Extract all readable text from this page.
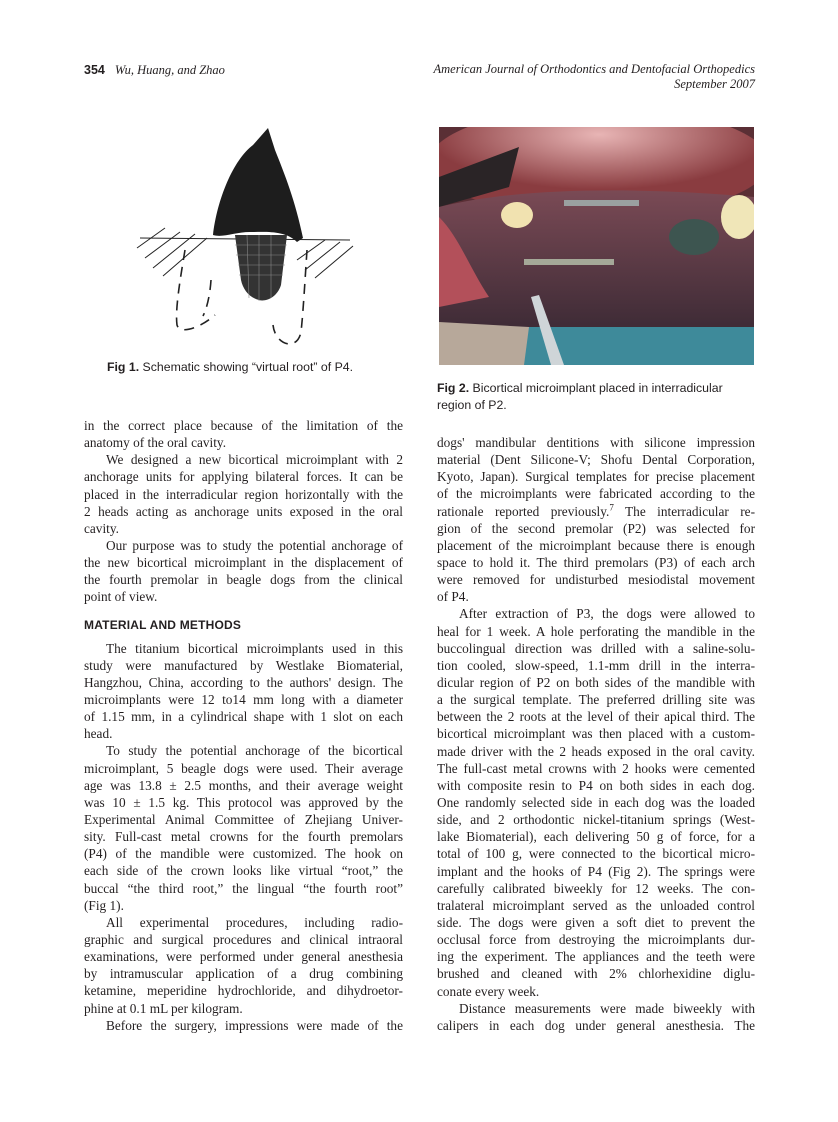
354 Wu, Huang, and Zhao	American Journal of Orthodontics and Dentofacial Orthopedics
September 2007
Fig 1. Schematic showing “virtual root” of P4.
Fig 2. Bicortical microimplant placed in interradicular
region of P2.
in the correct place because of the limitation of the
anatomy of the oral cavity.
We designed a new bicortical microimplant with 2
anchorage units for applying bilateral forces. It can be
placed in the interradicular region horizontally with the
2 heads acting as anchorage units exposed in the oral
cavity.
Our purpose was to study the potential anchorage of
the new bicortical microimplant in the displacement of
the fourth premolar in beagle dogs from the clinical
point of view.
MATERIAL AND METHODS
The titanium bicortical microimplants used in this
study were manufactured by Westlake Biomaterial,
Hangzhou, China, according to the authors' design. The
microimplants were 12 to14 mm long with a diameter
of 1.15 mm, in a cylindrical shape with 1 slot on each
head.
To study the potential anchorage of the bicortical
microimplant, 5 beagle dogs were used. Their average
age was 13.8 ± 2.5 months, and their average weight
was 10 ± 1.5 kg. This protocol was approved by the
Experimental Animal Committee of Zhejiang Univer-
sity. Full-cast metal crowns for the fourth premolars
(P4) of the mandible were customized. The hook on
each side of the crown looks like virtual “root,” the
buccal “the third root,” the lingual “the fourth root”
(Fig 1).
All experimental procedures, including radio-
graphic and surgical procedures and clinical intraoral
examinations, were performed under general anesthesia
by intramuscular application of a drug combining
ketamine, meperidine hydrochloride, and dihydroetor-
phine at 0.1 mL per kilogram.
Before the surgery, impressions were made of the
dogs' mandibular dentitions with silicone impression
material (Dent Silicone-V; Shofu Dental Corporation,
Kyoto, Japan). Surgical templates for precise placement
of the microimplants were fabricated according to the
rationale reported previously.$^7$ The interradicular re-
gion of the second premolar (P2) was selected for
placement of the microimplant because there is enough
space to hold it. The third premolars (P3) of each arch
were removed for undisturbed mesiodistal movement
of P4.
After extraction of P3, the dogs were allowed to
heal for 1 week. A hole perforating the mandible in the
buccolingual direction was drilled with a saline-solu-
tion cooled, slow-speed, 1.1-mm drill in the interra-
dicular region of P2 on both sides of the mandible with
a the surgical template. The preferred drilling site was
between the 2 roots at the level of their apical third. The
bicortical microimplant was then placed with a custom-
made driver with the 2 heads exposed in the oral cavity.
The full-cast metal crowns with 2 hooks were cemented
with composite resin to P4 on both sides in each dog.
One randomly selected side in each dog was the loaded
side, and 2 orthodontic nickel-titanium springs (West-
lake Biomaterial), each delivering 50 g of force, for a
total of 100 g, were connected to the bicortical micro-
implant and the hooks of P4 (Fig 2). The springs were
carefully calibrated biweekly for 12 weeks. The con-
tralateral microimplant served as the unloaded control
side. The dogs were given a soft diet to prevent the
occlusal force from destroying the microimplants dur-
ing the experiment. The appliances and the teeth were
brushed and cleaned with 2% chlorhexidine diglu-
conate every week.
Distance measurements were made biweekly with
calipers in each dog under general anesthesia. The
